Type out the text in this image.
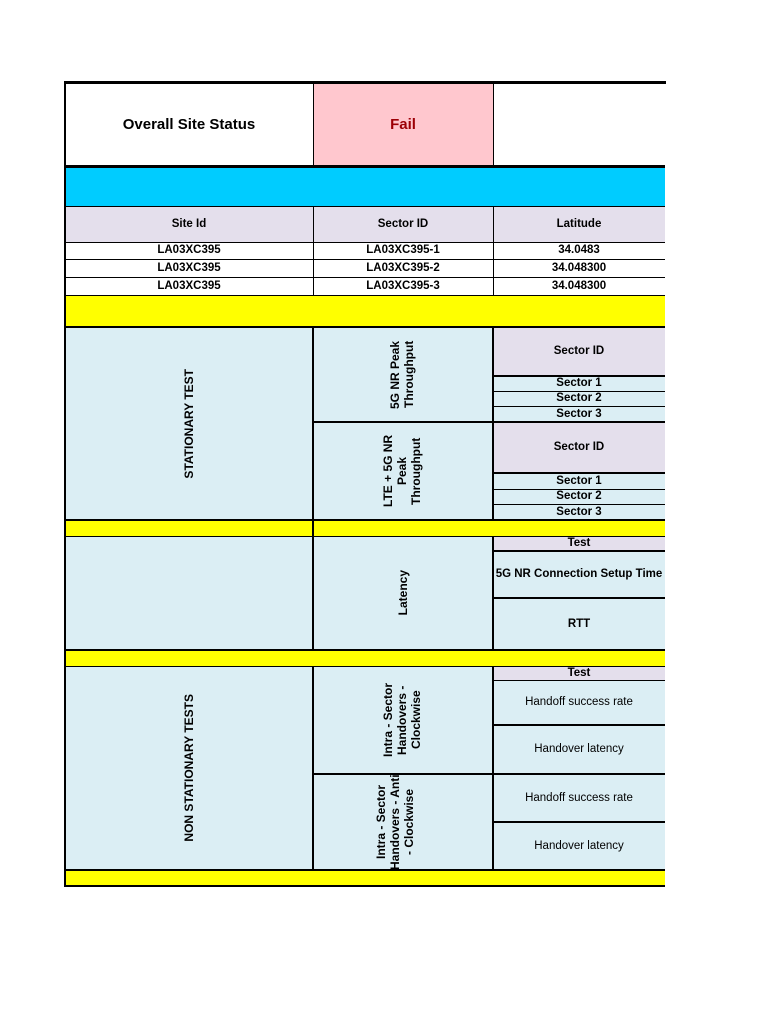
Overall Site Status	Fail
Site Id	Sector ID	Latitude
LA03XC395	LA03XC395-1	34.0483
LA03XC395	LA03XC395-2	34.048300
LA03XC395	LA03XC395-3	34.048300
STATIONARY TEST	5G NR Peak Throughput	Sector ID
Sector 1
Sector 2
Sector 3
LTE + 5G NR Peak Throughput	Sector ID
Sector 1
Sector 2
Sector 3
Latency
Test
5G NR Connection Setup Time
RTT
NON STATIONARY TESTS	Intra - Sector Handovers - Clockwise
Test
Handoff success rate
Handover latency
Intra - Sector Handovers - Anti - Clockwise	Handoff success rate
Handover latency
